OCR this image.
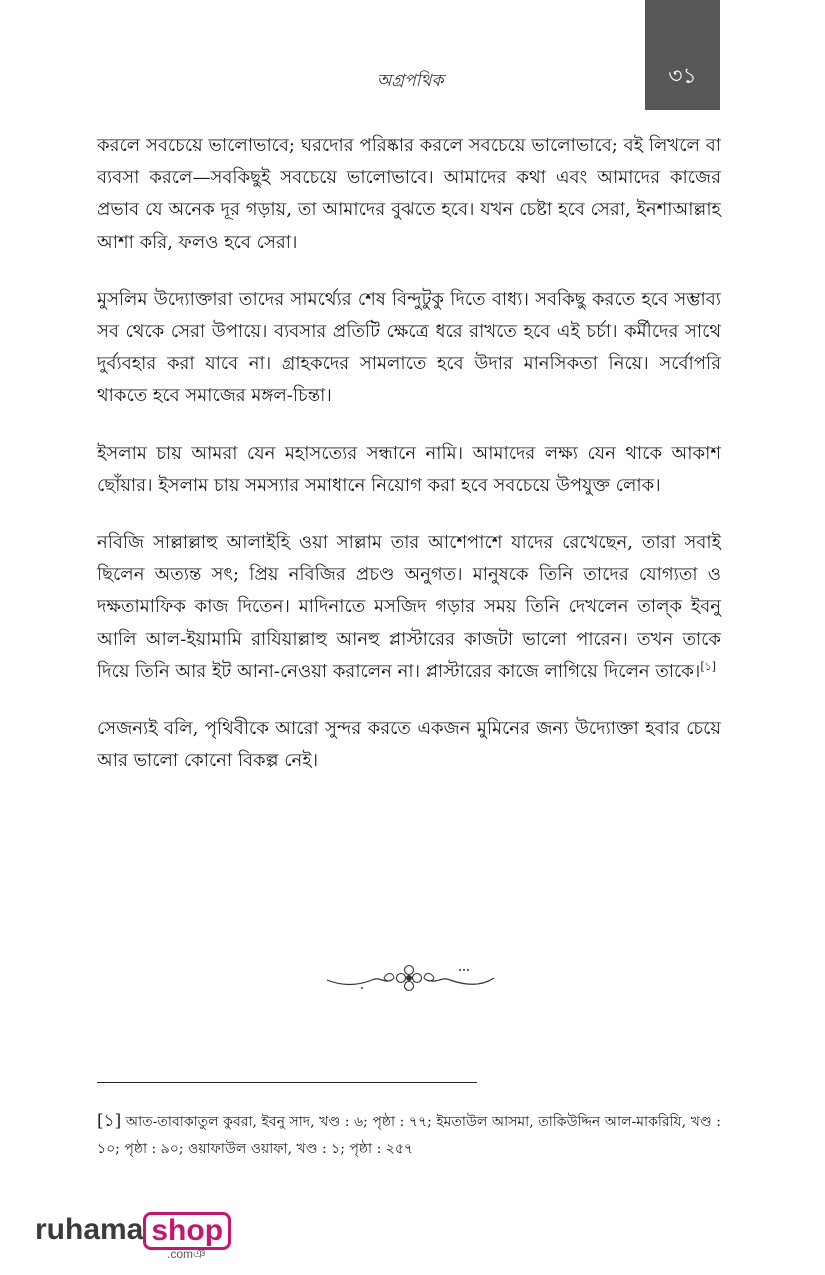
অগ্রপথিক	৩১

করলে সবচেয়ে ভালোভাবে; ঘরদোর পরিষ্কার করলে সবচেয়ে ভালোভাবে; বই লিখলে বা ব্যবসা করলে—সবকিছুই সবচেয়ে ভালোভাবে। আমাদের কথা এবং আমাদের কাজের প্রভাব যে অনেক দূর গড়ায়, তা আমাদের বুঝতে হবে। যখন চেষ্টা হবে সেরা, ইনশাআল্লাহ আশা করি, ফলও হবে সেরা।

মুসলিম উদ্যোক্তারা তাদের সামর্থ্যের শেষ বিন্দুটুকু দিতে বাধ্য। সবকিছু করতে হবে সম্ভাব্য সব থেকে সেরা উপায়ে। ব্যবসার প্রতিটি ক্ষেত্রে ধরে রাখতে হবে এই চর্চা। কর্মীদের সাথে দুর্ব্যবহার করা যাবে না। গ্রাহকদের সামলাতে হবে উদার মানসিকতা নিয়ে। সর্বোপরি থাকতে হবে সমাজের মঙ্গল-চিন্তা।

ইসলাম চায় আমরা যেন মহাসত্যের সন্ধানে নামি। আমাদের লক্ষ্য যেন থাকে আকাশ ছোঁয়ার। ইসলাম চায় সমস্যার সমাধানে নিয়োগ করা হবে সবচেয়ে উপযুক্ত লোক।

নবিজি সাল্লাল্লাহু আলাইহি ওয়া সাল্লাম তার আশেপাশে যাদের রেখেছেন, তারা সবাই ছিলেন অত্যন্ত সৎ; প্রিয় নবিজির প্রচণ্ড অনুগত। মানুষকে তিনি তাদের যোগ্যতা ও দক্ষতামাফিক কাজ দিতেন। মাদিনাতে মসজিদ গড়ার সময় তিনি দেখলেন তাল্‌ক ইবনু আলি আল-ইয়ামামি রাযিয়াল্লাহু আনহু প্লাস্টারের কাজটা ভালো পারেন। তখন তাকে দিয়ে তিনি আর ইট আনা-নেওয়া করালেন না। প্লাস্টারের কাজে লাগিয়ে দিলেন তাকে।[১]

সেজন্যই বলি, পৃথিবীকে আরো সুন্দর করতে একজন মুমিনের জন্য উদ্যোক্তা হবার চেয়ে আর ভালো কোনো বিকল্প নেই।

[১] আত-তাবাকাতুল কুবরা, ইবনু সাদ, খণ্ড : ৬; পৃষ্ঠা : ৭৭; ইমতাউল আসমা, তাকিউদ্দিন আল-মাকরিযি, খণ্ড : ১০; পৃষ্ঠা : ৯০; ওয়াফাউল ওয়াফা, খণ্ড : ১; পৃষ্ঠা : ২৫৭
ruhama shop
.comঞ
